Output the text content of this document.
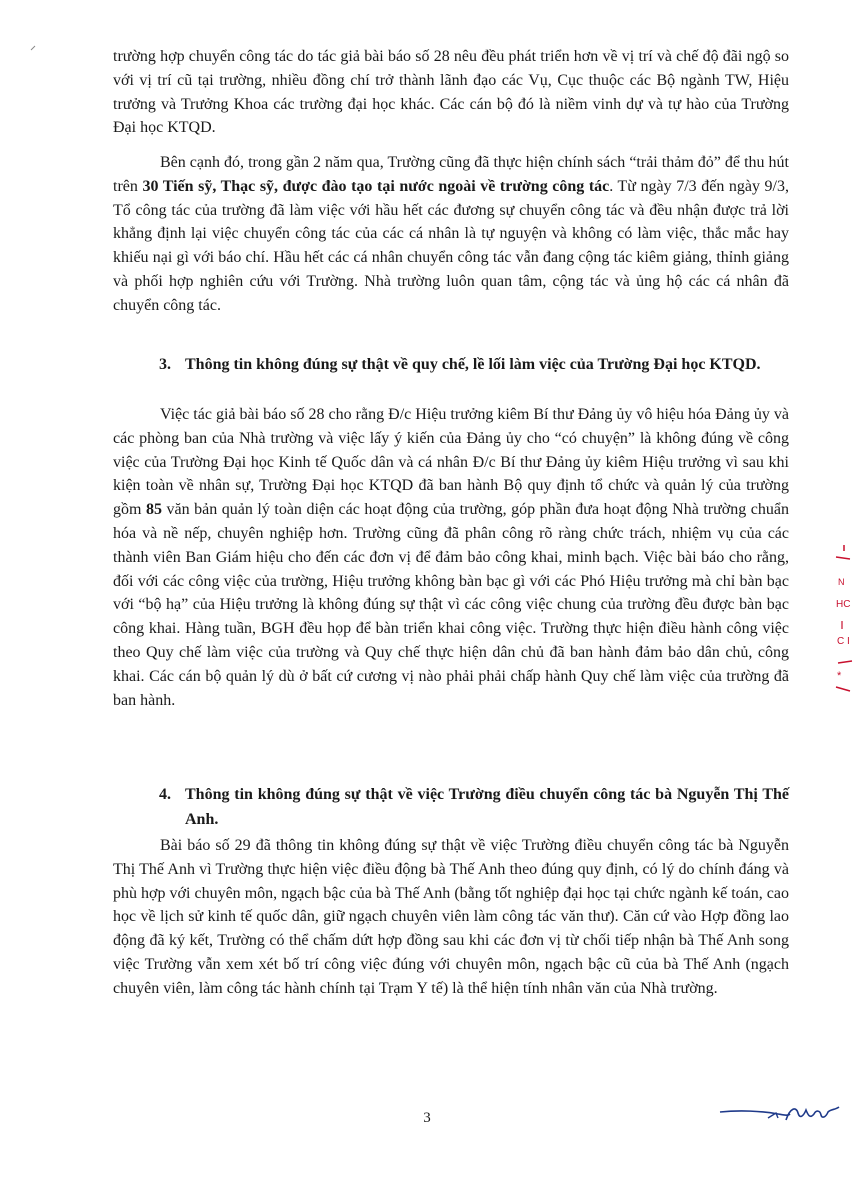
trường hợp chuyển công tác do tác giả bài báo số 28 nêu đều phát triển hơn về vị trí và chế độ đãi ngộ so với vị trí cũ tại trường, nhiều đồng chí trở thành lãnh đạo các Vụ, Cục thuộc các Bộ ngành TW, Hiệu trưởng và Trưởng Khoa các trường đại học khác. Các cán bộ đó là niềm vinh dự và tự hào của Trường Đại học KTQD.

Bên cạnh đó, trong gần 2 năm qua, Trường cũng đã thực hiện chính sách “trải thảm đỏ” để thu hút trên 30 Tiến sỹ, Thạc sỹ, được đào tạo tại nước ngoài về trường công tác. Từ ngày 7/3 đến ngày 9/3, Tổ công tác của trường đã làm việc với hầu hết các đương sự chuyển công tác và đều nhận được trả lời khẳng định lại việc chuyển công tác của các cá nhân là tự nguyện và không có làm việc, thắc mắc hay khiếu nại gì với báo chí. Hầu hết các cá nhân chuyển công tác vẫn đang cộng tác kiêm giảng, thỉnh giảng và phối hợp nghiên cứu với Trường. Nhà trường luôn quan tâm, cộng tác và ủng hộ các cá nhân đã chuyển công tác.

3. Thông tin không đúng sự thật về quy chế, lề lối làm việc của Trường Đại học KTQD.

Việc tác giả bài báo số 28 cho rằng Đ/c Hiệu trưởng kiêm Bí thư Đảng ủy vô hiệu hóa Đảng ủy và các phòng ban của Nhà trường và việc lấy ý kiến của Đảng ủy cho “có chuyện” là không đúng về công việc của Trường Đại học Kinh tế Quốc dân và cá nhân Đ/c Bí thư Đảng ủy kiêm Hiệu trưởng vì sau khi kiện toàn về nhân sự, Trường Đại học KTQD đã ban hành Bộ quy định tổ chức và quản lý của trường gồm 85 văn bản quản lý toàn diện các hoạt động của trường, góp phần đưa hoạt động Nhà trường chuẩn hóa và nề nếp, chuyên nghiệp hơn. Trường cũng đã phân công rõ ràng chức trách, nhiệm vụ của các thành viên Ban Giám hiệu cho đến các đơn vị để đảm bảo công khai, minh bạch. Việc bài báo cho rằng, đối với các công việc của trường, Hiệu trưởng không bàn bạc gì với các Phó Hiệu trưởng mà chỉ bàn bạc với “bộ hạ” của Hiệu trưởng là không đúng sự thật vì các công việc chung của trường đều được bàn bạc công khai. Hàng tuần, BGH đều họp để bàn triển khai công việc. Trường thực hiện điều hành công việc theo Quy chế làm việc của trường và Quy chế thực hiện dân chủ đã ban hành đảm bảo dân chủ, công khai. Các cán bộ quản lý dù ở bất cứ cương vị nào phải phải chấp hành Quy chế làm việc của trường đã ban hành.

4. Thông tin không đúng sự thật về việc Trường điều chuyển công tác bà Nguyễn Thị Thế Anh.

Bài báo số 29 đã thông tin không đúng sự thật về việc Trường điều chuyển công tác bà Nguyễn Thị Thế Anh vì Trường thực hiện việc điều động bà Thế Anh theo đúng quy định, có lý do chính đáng và phù hợp với chuyên môn, ngạch bậc của bà Thế Anh (bằng tốt nghiệp đại học tại chức ngành kế toán, cao học về lịch sử kinh tế quốc dân, giữ ngạch chuyên viên làm công tác văn thư). Căn cứ vào Hợp đồng lao động đã ký kết, Trường có thể chấm dứt hợp đồng sau khi các đơn vị từ chối tiếp nhận bà Thế Anh song việc Trường vẫn xem xét bố trí công việc đúng với chuyên môn, ngạch bậc cũ của bà Thế Anh (ngạch chuyên viên, làm công tác hành chính tại Trạm Y tế) là thể hiện tính nhân văn của Nhà trường.

3
N
HC
C I
*
